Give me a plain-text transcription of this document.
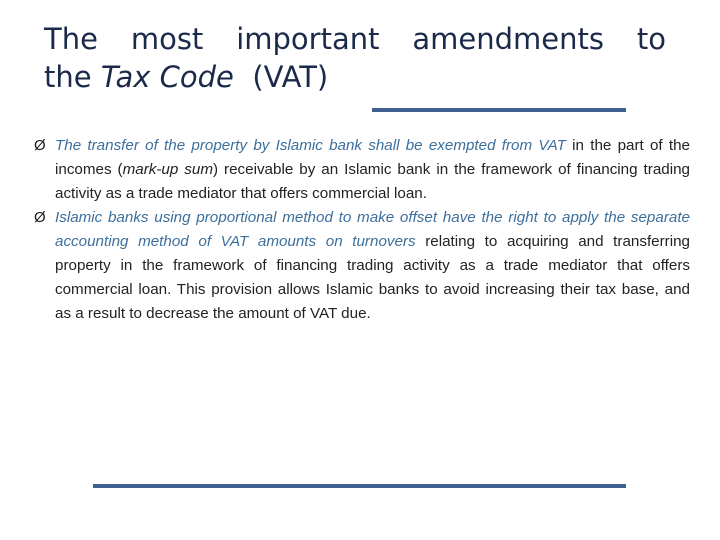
The most important amendments to
the Tax Code  (VAT)
Ø The transfer of the property by Islamic bank shall be exempted from VAT in the part of the incomes (mark-up sum) receivable by an Islamic bank in the framework of financing trading activity as a trade mediator that offers commercial loan.
Ø Islamic banks using proportional method to make offset have the right to apply the separate accounting method of VAT amounts on turnovers relating to acquiring and transferring property in the framework of financing trading activity as a trade mediator that offers commercial loan. This provision allows Islamic banks to avoid increasing their tax base, and as a result to decrease the amount of VAT due.
